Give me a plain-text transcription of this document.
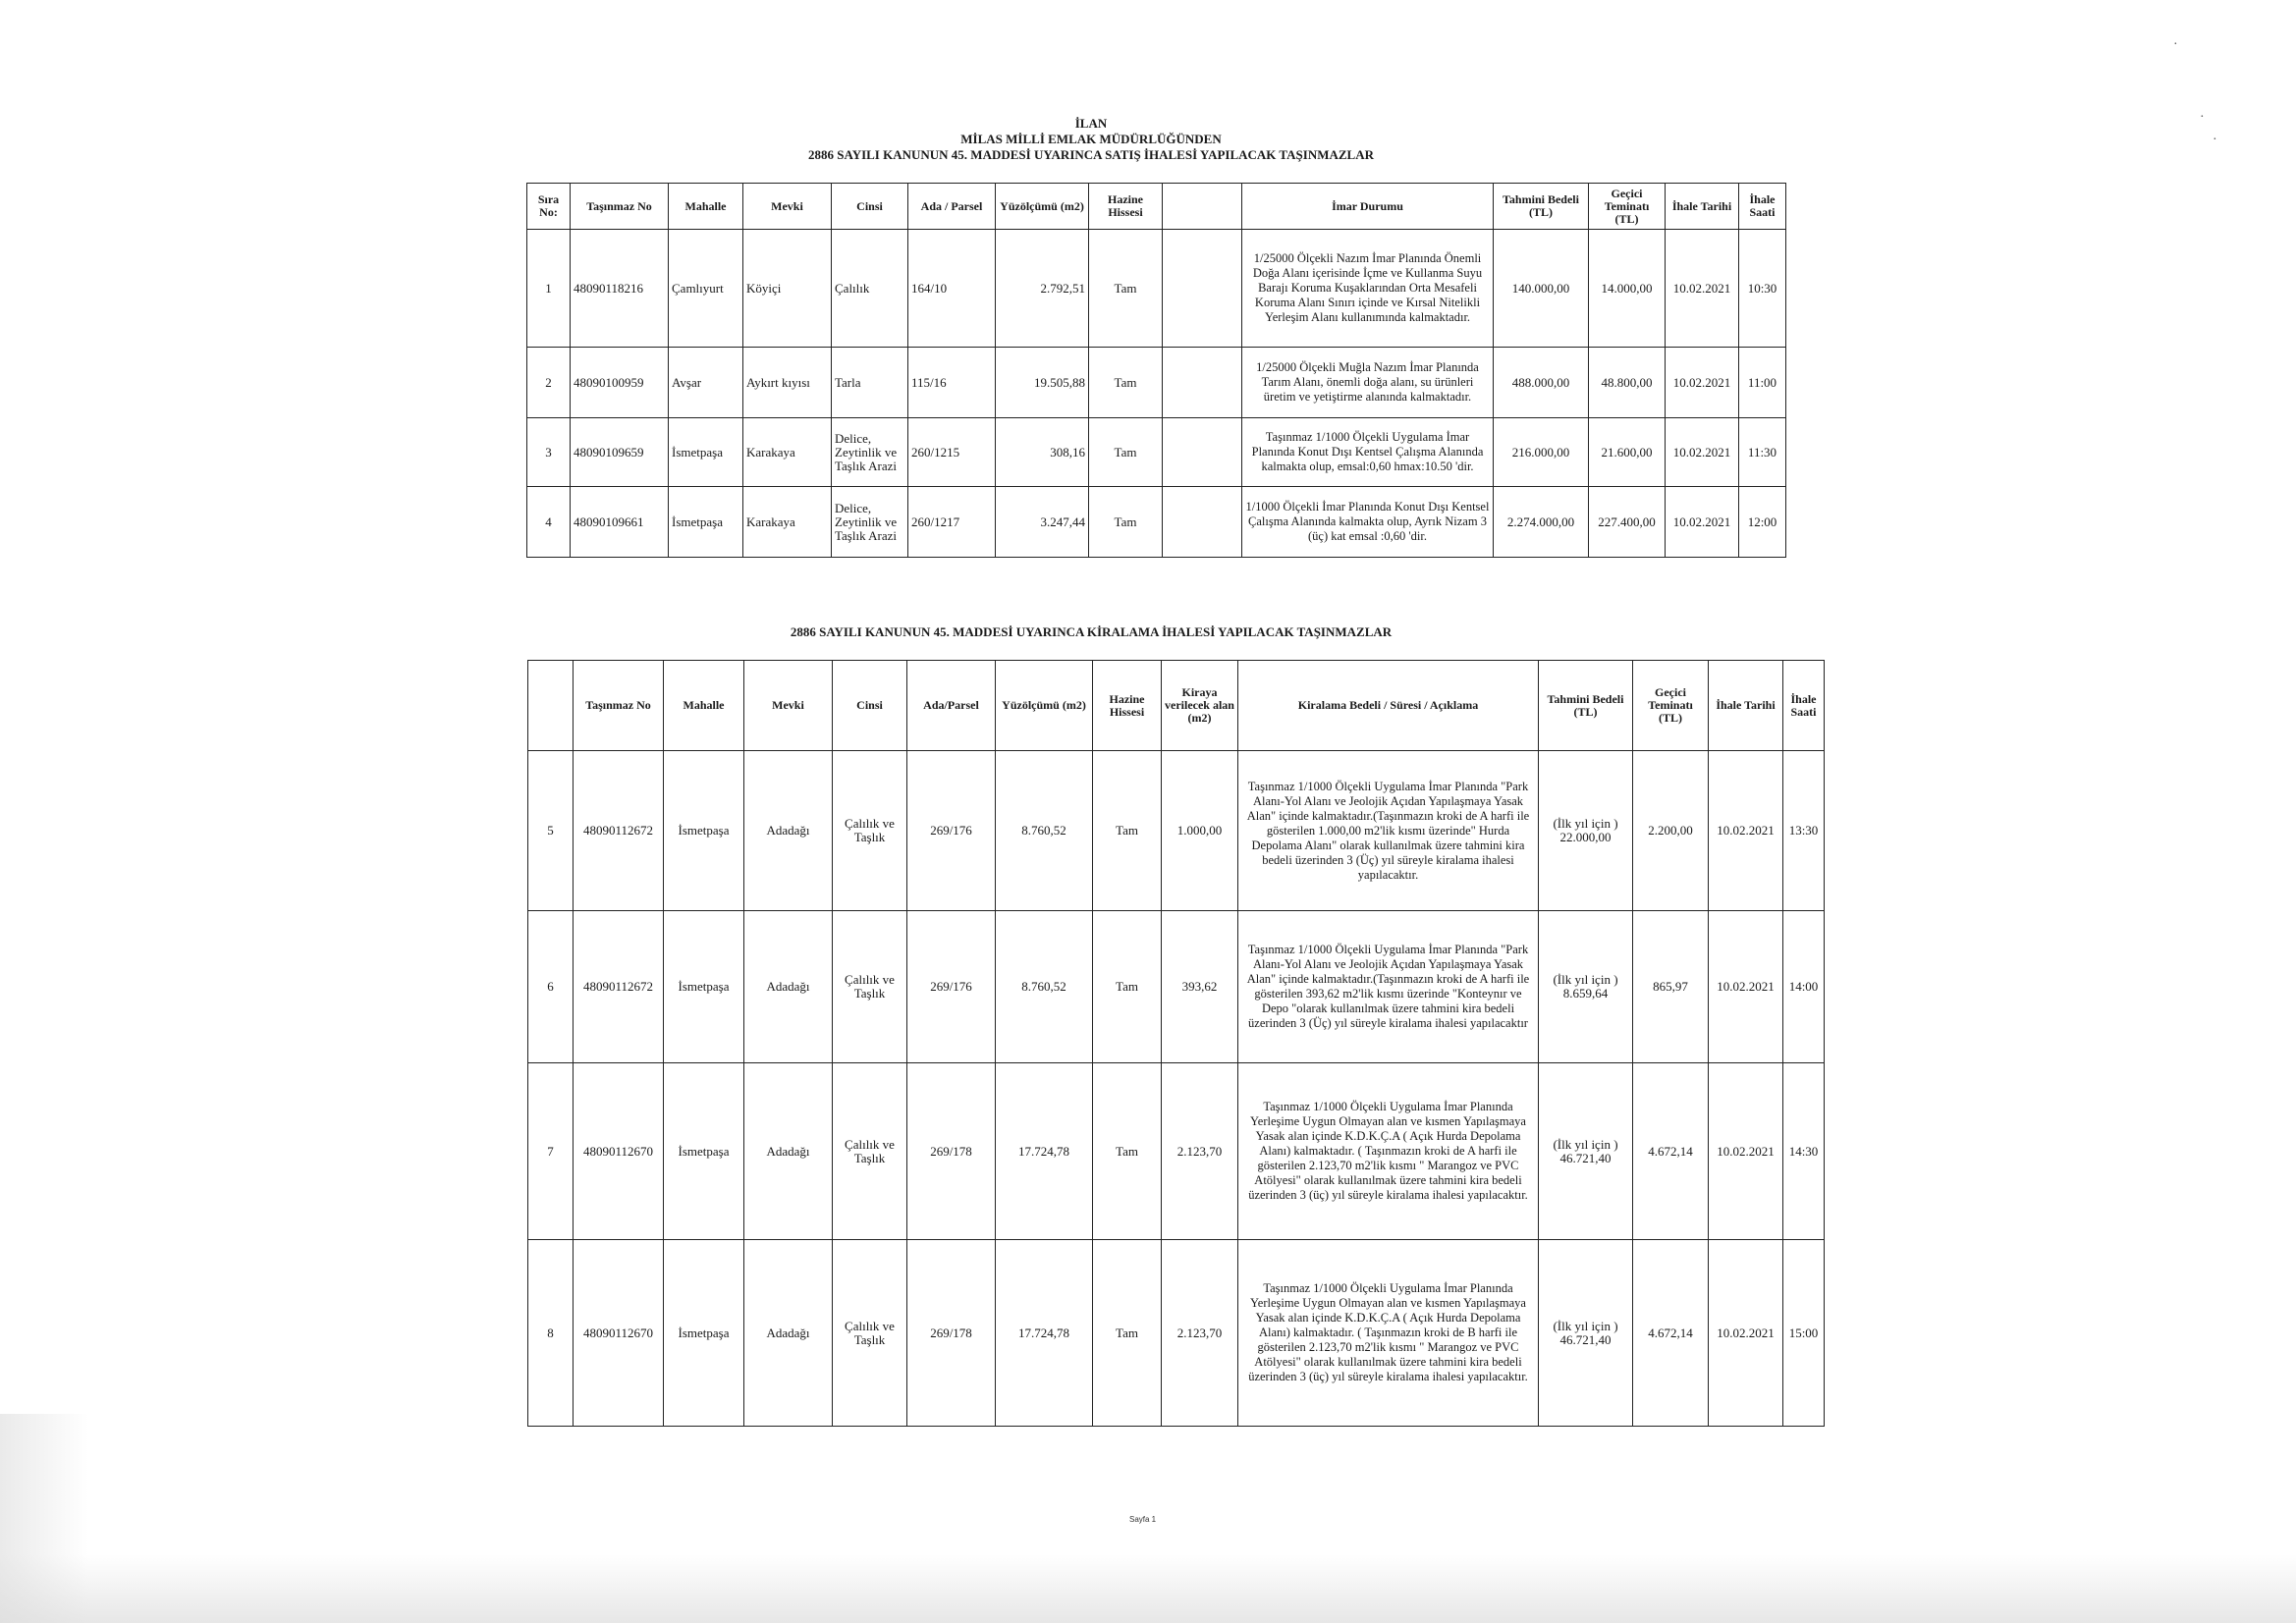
·
·
·
İLAN
MİLAS MİLLİ EMLAK MÜDÜRLÜĞÜNDEN
2886 SAYILI KANUNUN 45. MADDESİ UYARINCA SATIŞ İHALESİ YAPILACAK TAŞINMAZLAR
Sıra No:	Taşınmaz No	Mahalle	Mevki	Cinsi	Ada / Parsel	Yüzölçümü (m2)	Hazine Hissesi		İmar Durumu	Tahmini Bedeli (TL)	Geçici Teminatı (TL)	İhale Tarihi	İhale Saati
1	48090118216	Çamlıyurt	Köyiçi	Çalılık	164/10	2.792,51	Tam		1/25000 Ölçekli Nazım İmar Planında Önemli Doğa Alanı içerisinde İçme ve Kullanma Suyu Barajı Koruma Kuşaklarından Orta Mesafeli Koruma Alanı Sınırı içinde ve Kırsal Nitelikli Yerleşim Alanı kullanımında kalmaktadır.	140.000,00	14.000,00	10.02.2021	10:30
2	48090100959	Avşar	Aykırt kıyısı	Tarla	115/16	19.505,88	Tam		1/25000 Ölçekli Muğla Nazım İmar Planında Tarım Alanı, önemli doğa alanı, su ürünleri üretim ve yetiştirme alanında kalmaktadır.	488.000,00	48.800,00	10.02.2021	11:00
3	48090109659	İsmetpaşa	Karakaya	Delice, Zeytinlik ve Taşlık Arazi	260/1215	308,16	Tam		Taşınmaz 1/1000 Ölçekli Uygulama İmar Planında Konut Dışı Kentsel Çalışma Alanında kalmakta olup, emsal:0,60 hmax:10.50 'dir.	216.000,00	21.600,00	10.02.2021	11:30
4	48090109661	İsmetpaşa	Karakaya	Delice, Zeytinlik ve Taşlık Arazi	260/1217	3.247,44	Tam		1/1000 Ölçekli İmar Planında Konut Dışı Kentsel Çalışma Alanında kalmakta olup, Ayrık Nizam 3 (üç) kat emsal :0,60 'dir.	2.274.000,00	227.400,00	10.02.2021	12:00
2886 SAYILI KANUNUN 45. MADDESİ UYARINCA KİRALAMA İHALESİ YAPILACAK TAŞINMAZLAR
	Taşınmaz No	Mahalle	Mevki	Cinsi	Ada/Parsel	Yüzölçümü (m2)	Hazine Hissesi	Kiraya verilecek alan (m2)	Kiralama Bedeli / Süresi / Açıklama	Tahmini Bedeli (TL)	Geçici Teminatı (TL)	İhale Tarihi	İhale Saati
5	48090112672	İsmetpaşa	Adadağı	Çalılık ve Taşlık	269/176	8.760,52	Tam	1.000,00	Taşınmaz 1/1000 Ölçekli Uygulama İmar Planında "Park Alanı-Yol Alanı ve Jeolojik Açıdan Yapılaşmaya Yasak Alan" içinde kalmaktadır.(Taşınmazın kroki de A harfi ile gösterilen 1.000,00 m2'lik kısmı üzerinde" Hurda Depolama Alanı" olarak kullanılmak üzere tahmini kira bedeli üzerinden 3 (Üç) yıl süreyle kiralama ihalesi yapılacaktır.	(İlk yıl için ) 22.000,00	2.200,00	10.02.2021	13:30
6	48090112672	İsmetpaşa	Adadağı	Çalılık ve Taşlık	269/176	8.760,52	Tam	393,62	Taşınmaz 1/1000 Ölçekli Uygulama İmar Planında "Park Alanı-Yol Alanı ve Jeolojik Açıdan Yapılaşmaya Yasak Alan" içinde kalmaktadır.(Taşınmazın kroki de A harfi ile gösterilen 393,62 m2'lik kısmı üzerinde "Konteynır ve Depo "olarak kullanılmak üzere tahmini kira bedeli üzerinden 3 (Üç) yıl süreyle kiralama ihalesi yapılacaktır	(İlk yıl için ) 8.659,64	865,97	10.02.2021	14:00
7	48090112670	İsmetpaşa	Adadağı	Çalılık ve Taşlık	269/178	17.724,78	Tam	2.123,70	Taşınmaz 1/1000 Ölçekli Uygulama İmar Planında Yerleşime Uygun Olmayan alan ve kısmen Yapılaşmaya Yasak alan içinde K.D.K.Ç.A ( Açık Hurda Depolama Alanı) kalmaktadır. ( Taşınmazın kroki de A harfi ile gösterilen 2.123,70 m2'lik kısmı " Marangoz ve PVC Atölyesi" olarak kullanılmak üzere tahmini kira bedeli üzerinden 3 (üç) yıl süreyle kiralama ihalesi yapılacaktır.	(İlk yıl için ) 46.721,40	4.672,14	10.02.2021	14:30
8	48090112670	İsmetpaşa	Adadağı	Çalılık ve Taşlık	269/178	17.724,78	Tam	2.123,70	Taşınmaz 1/1000 Ölçekli Uygulama İmar Planında Yerleşime Uygun Olmayan alan ve kısmen Yapılaşmaya Yasak alan içinde K.D.K.Ç.A ( Açık Hurda Depolama Alanı) kalmaktadır. ( Taşınmazın kroki de B harfi ile gösterilen 2.123,70 m2'lik kısmı " Marangoz ve PVC Atölyesi" olarak kullanılmak üzere tahmini kira bedeli üzerinden 3 (üç) yıl süreyle kiralama ihalesi yapılacaktır.	(İlk yıl için ) 46.721,40	4.672,14	10.02.2021	15:00
Sayfa 1
